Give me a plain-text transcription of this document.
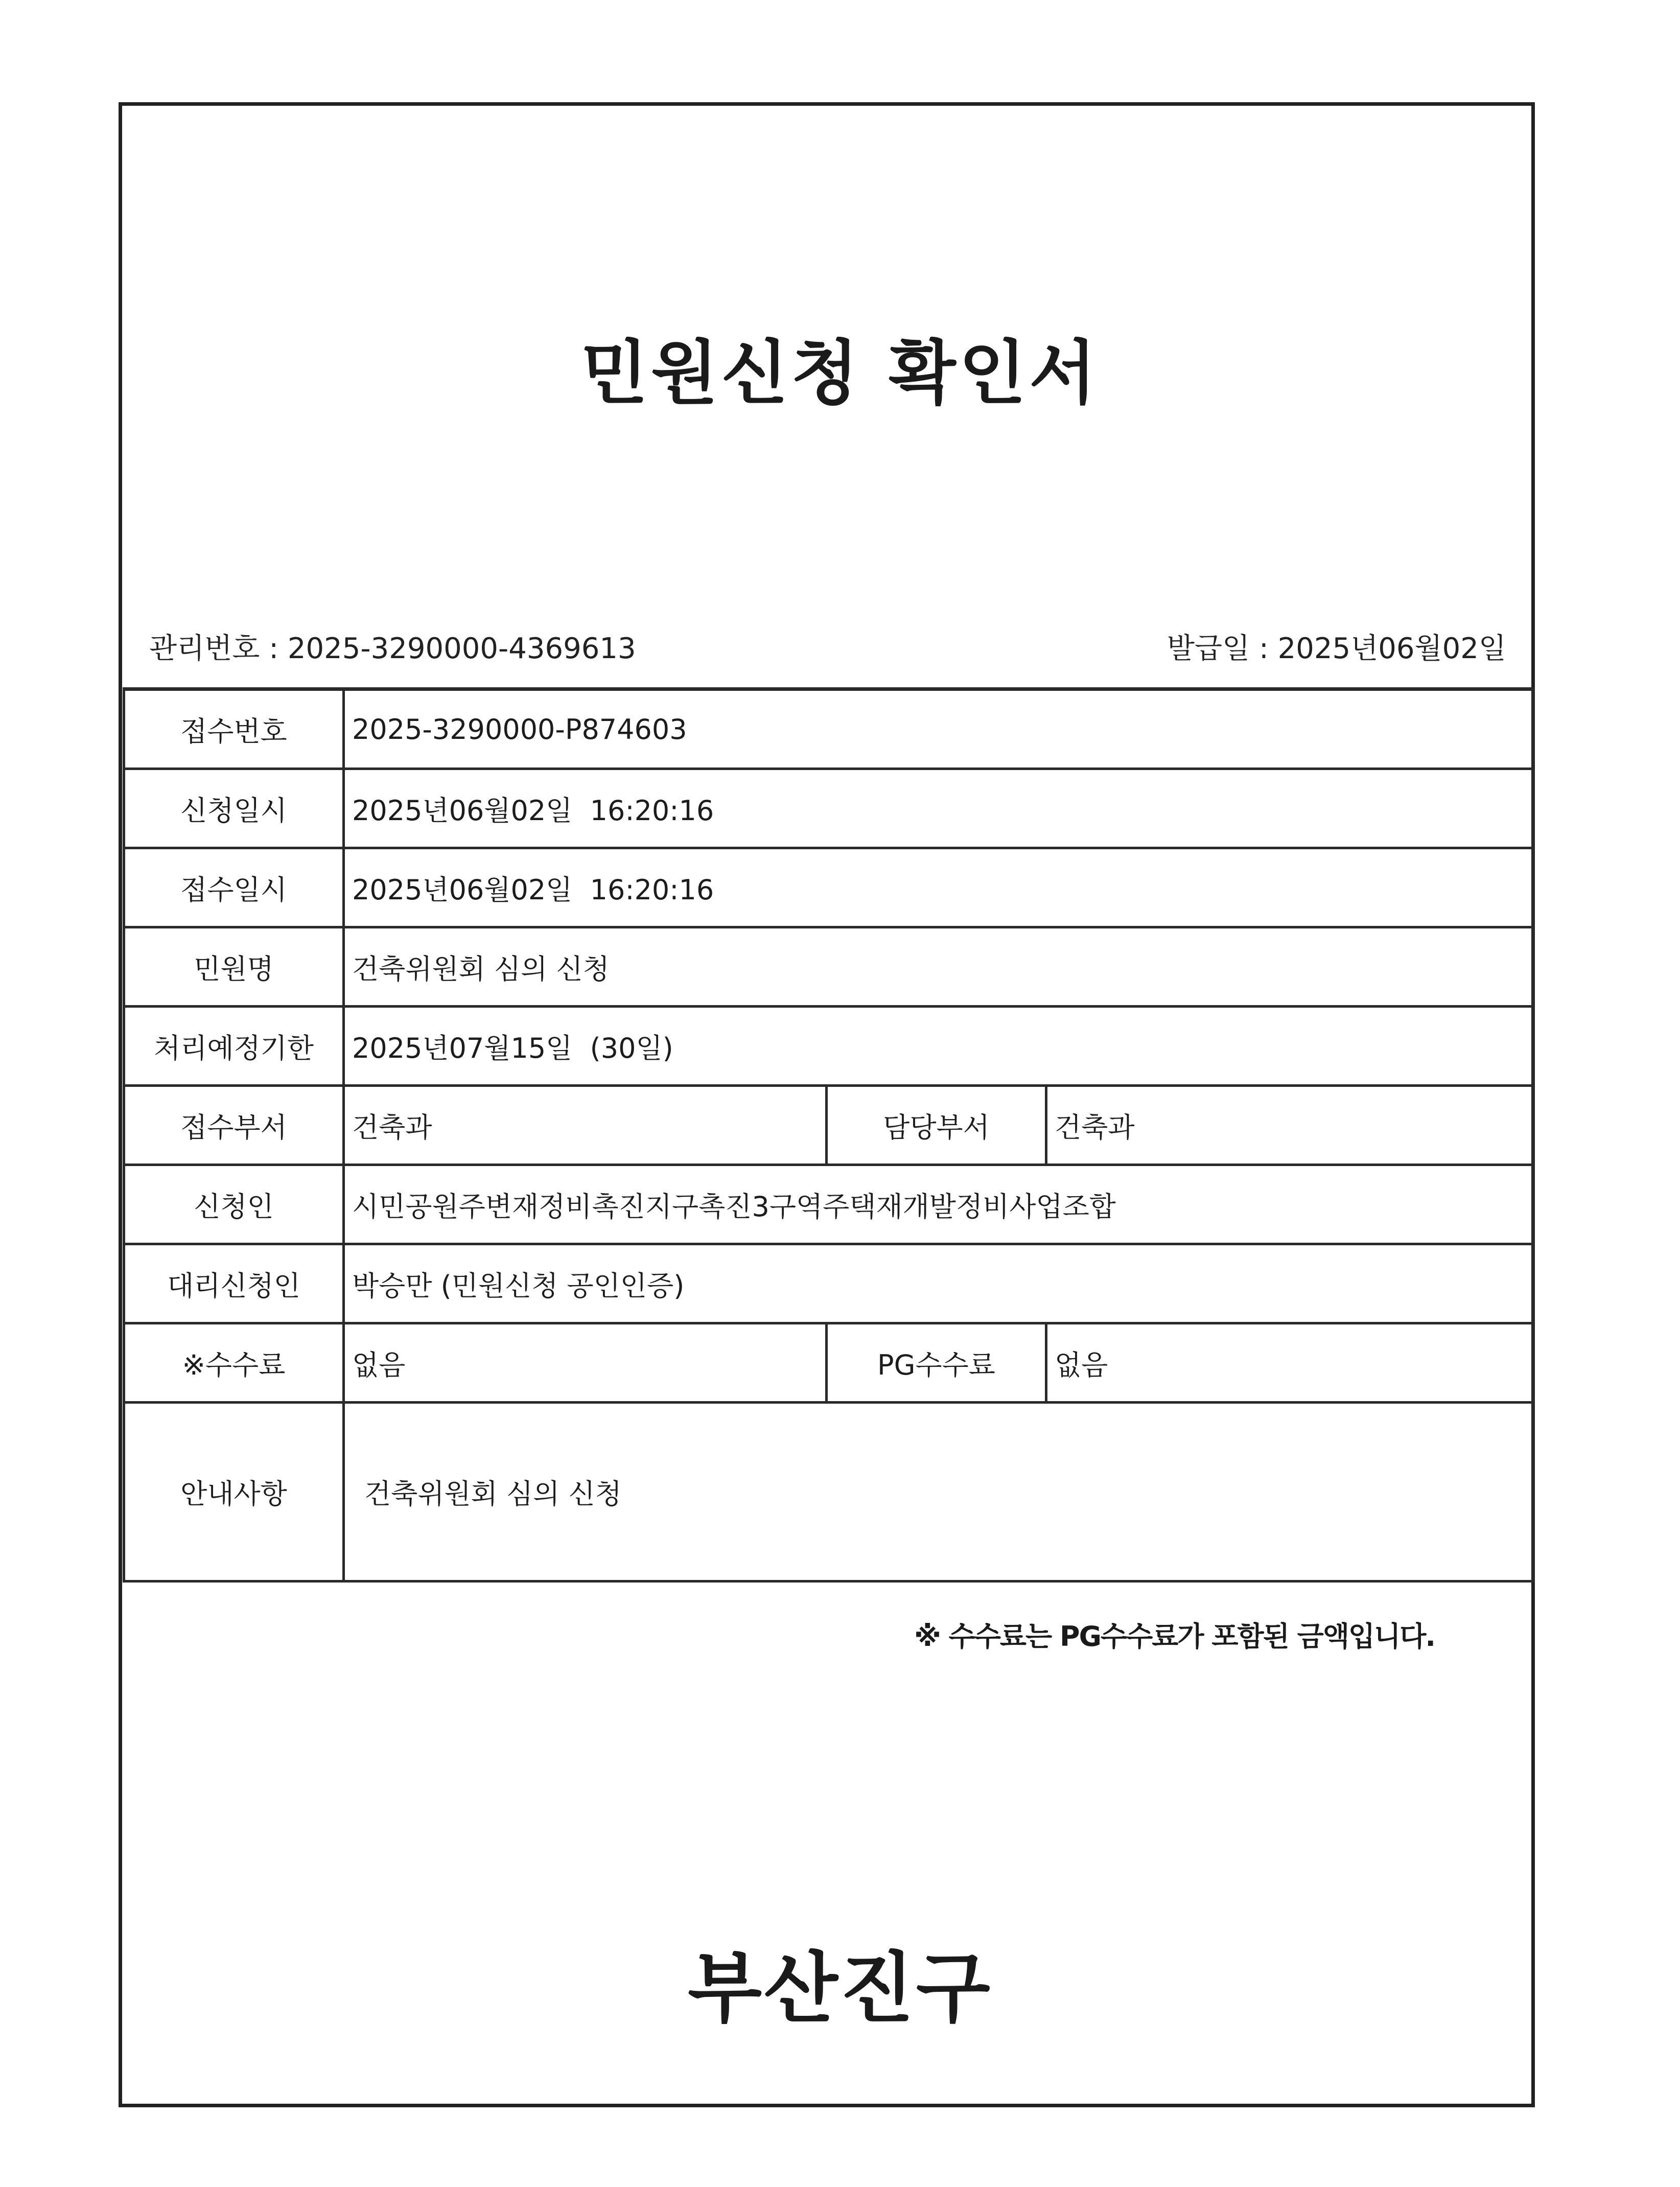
민원신청 확인서
관리번호 : 2025-3290000-4369613	발급일 : 2025년06월02일
접수번호	2025-3290000-P874603		
신청일시	2025년06월02일  16:20:16		
접수일시	2025년06월02일  16:20:16		
민원명	건축위원회 심의 신청		
처리예정기한	2025년07월15일  (30일)		
접수부서	건축과	담당부서	건축과
신청인	시민공원주변재정비촉진지구촉진3구역주택재개발정비사업조합		
대리신청인	박승만 (민원신청 공인인증)		
※수수료	없음	PG수수료	없음
안내사항	건축위원회 심의 신청		
※ 수수료는 PG수수료가 포함된 금액입니다.
부산진구
